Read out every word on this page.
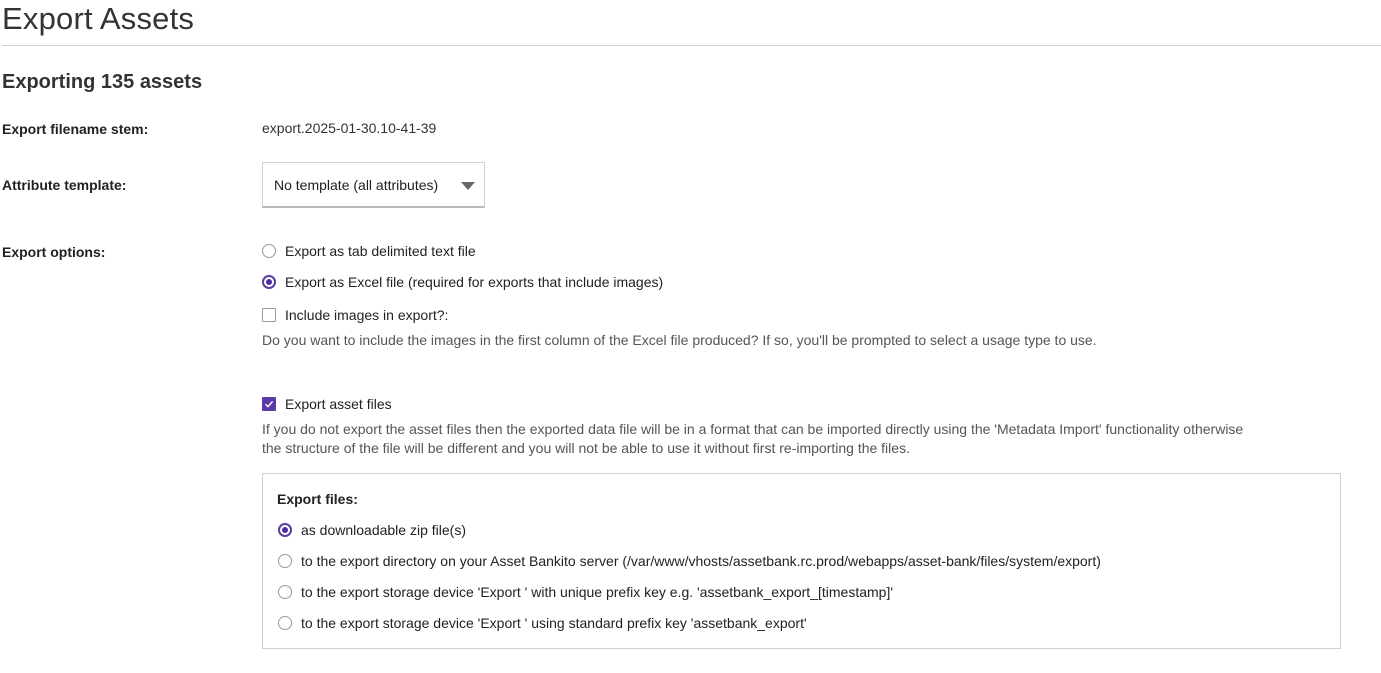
Export Assets
Exporting 135 assets
Export filename stem:	export.2025-01-30.10-41-39
Attribute template:	No template (all attributes)
Export options:	Export as tab delimited text file
Export as Excel file (required for exports that include images)
Include images in export?:
Do you want to include the images in the first column of the Excel file produced? If so, you'll be prompted to select a usage type to use.
Export asset files
If you do not export the asset files then the exported data file will be in a format that can be imported directly using the 'Metadata Import' functionality otherwise
the structure of the file will be different and you will not be able to use it without first re-importing the files.
Export files:
as downloadable zip file(s)
to the export directory on your Asset Bankito server (/var/www/vhosts/assetbank.rc.prod/webapps/asset-bank/files/system/export)
to the export storage device 'Export ' with unique prefix key e.g. 'assetbank_export_[timestamp]'
to the export storage device 'Export ' using standard prefix key 'assetbank_export'
